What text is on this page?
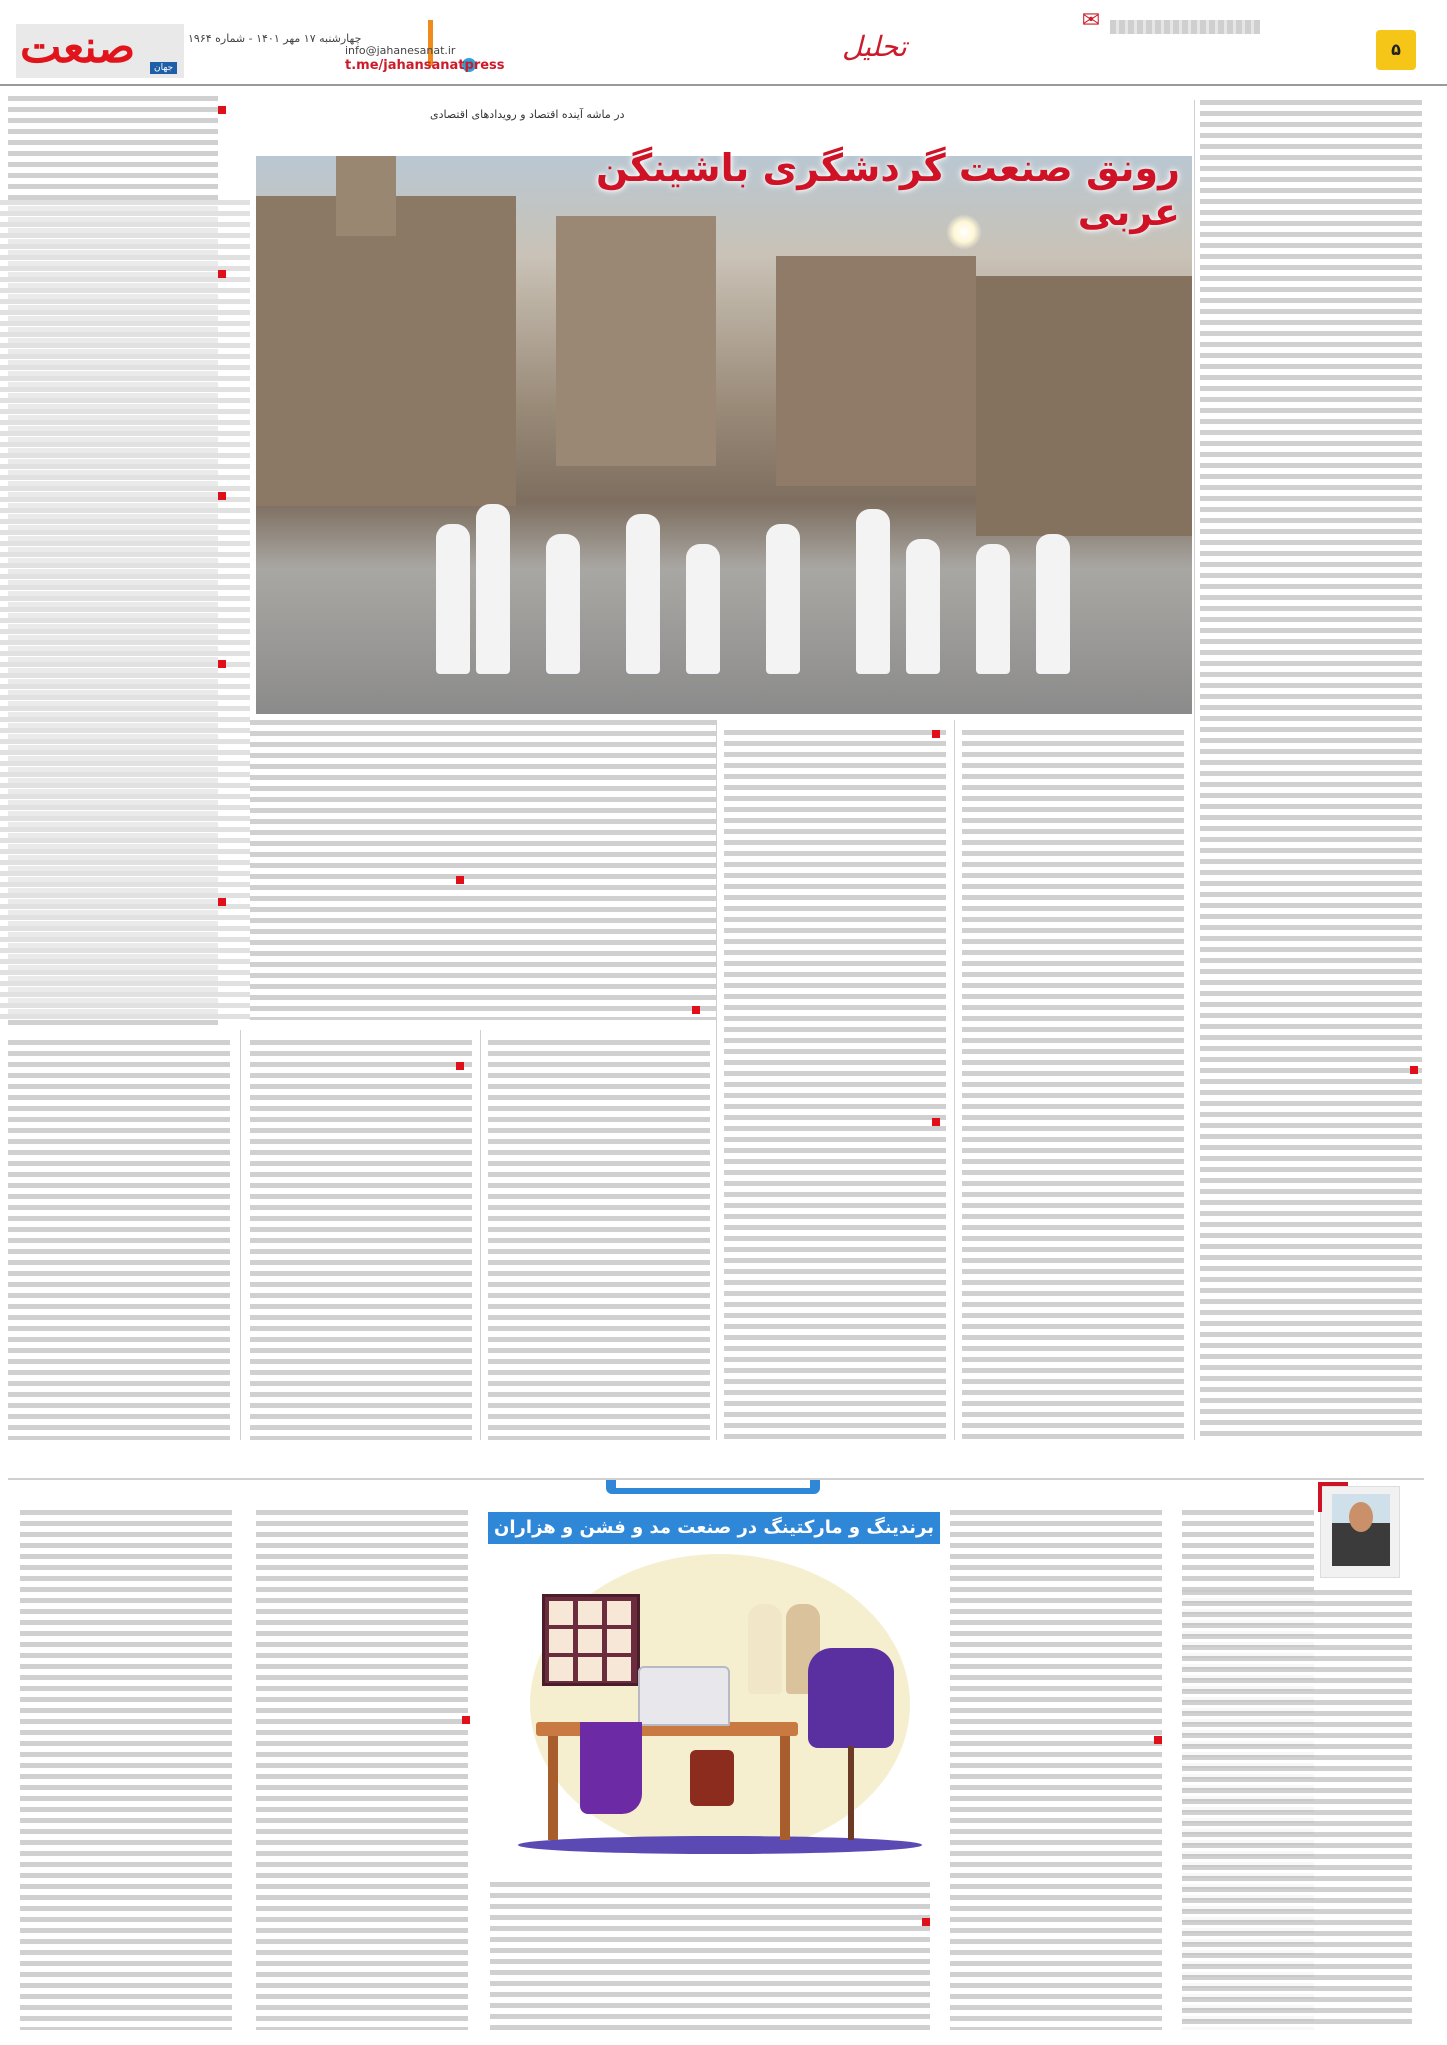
صنعت	جهان
چهارشنبه ۱۷ مهر ۱۴۰۱ - شماره ۱۹۶۴
t.me/jahansanatpress
info@jahanesanat.ir	تحلیل
✉
۵
در ماشه آینده اقتصاد و رویدادهای اقتصادی
رونق صنعت گردشگری باشینگن عربی
برندینگ و مارکتینگ در صنعت مد و فشن و هزاران
